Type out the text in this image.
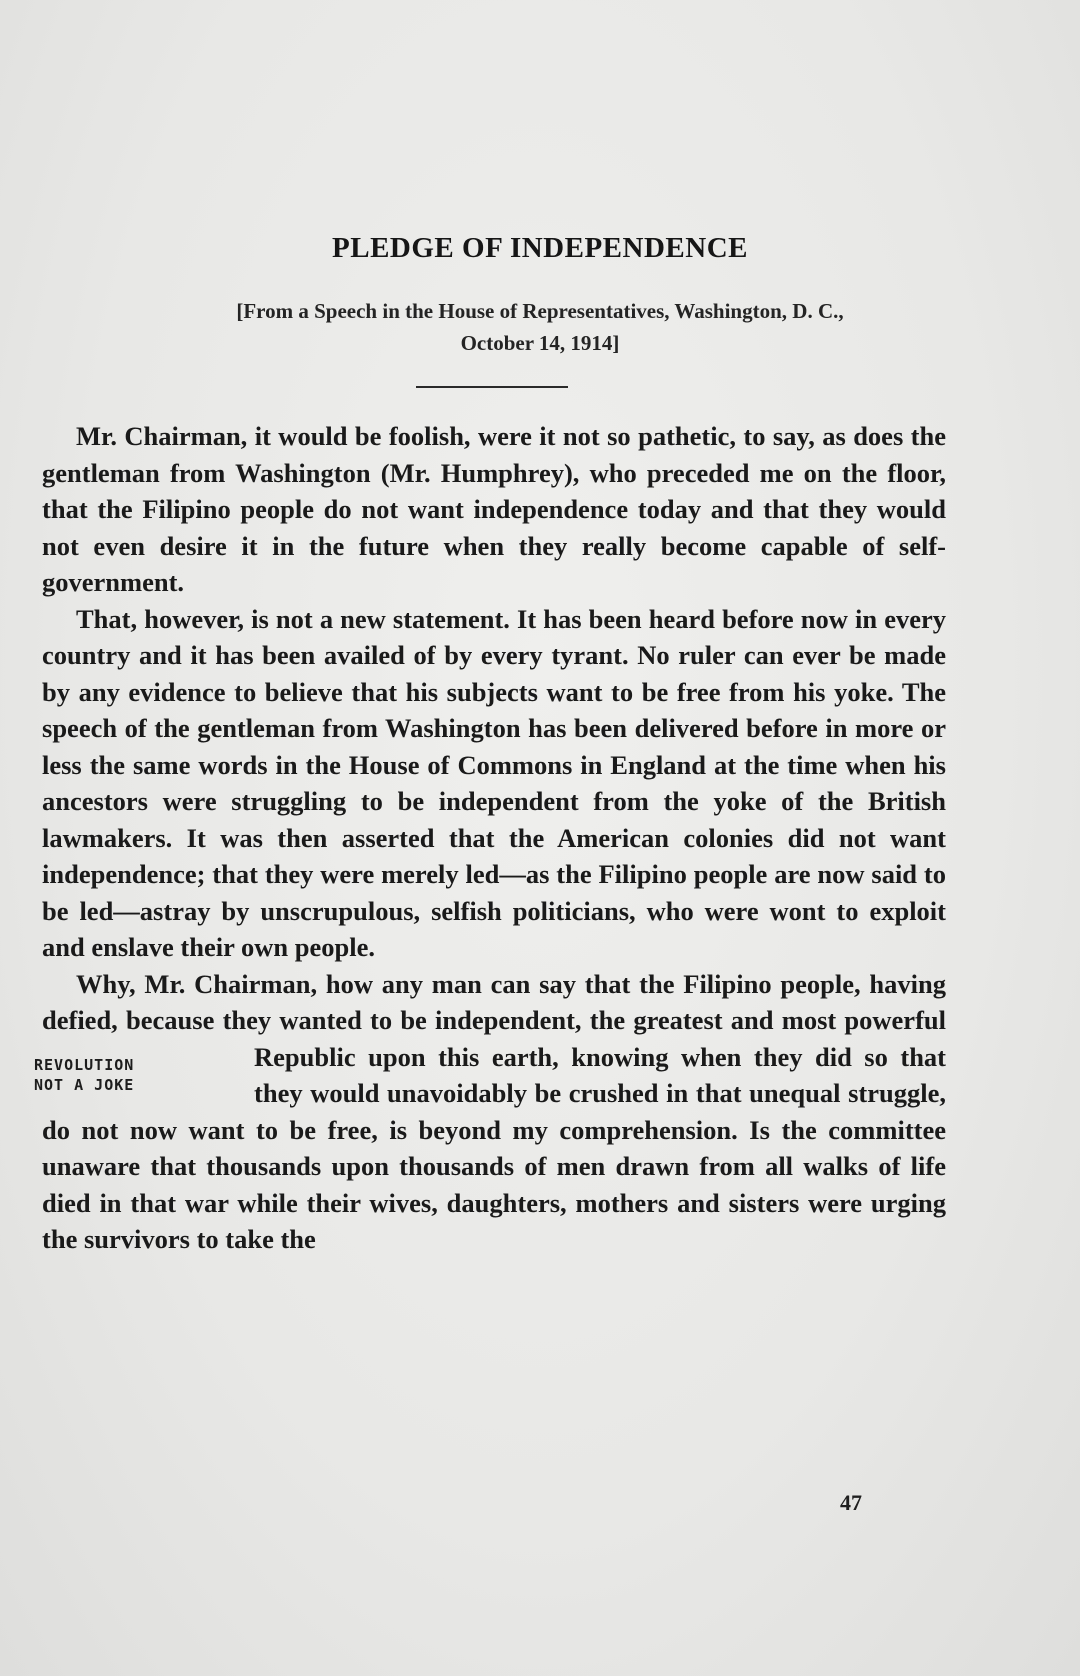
PLEDGE OF INDEPENDENCE
[From a Speech in the House of Representatives, Washington, D. C.,
October 14, 1914]

Mr. Chairman, it would be foolish, were it not so pathetic, to say, as does the gentleman from Washington (Mr. Humphrey), who preceded me on the floor, that the Filipino people do not want independence today and that they would not even desire it in the future when they really become capable of self-government.

That, however, is not a new statement. It has been heard before now in every country and it has been availed of by every tyrant. No ruler can ever be made by any evidence to believe that his subjects want to be free from his yoke. The speech of the gentleman from Washington has been delivered before in more or less the same words in the House of Commons in England at the time when his ancestors were struggling to be independent from the yoke of the British lawmakers. It was then asserted that the American colonies did not want independence; that they were merely led—as the Filipino people are now said to be led—astray by unscrupulous, selfish politicians, who were wont to exploit and enslave their own people.

Why, Mr. Chairman, how any man can say that the Filipino people, having defied, because they wanted to be independent, the greatest and most powerful Republic upon
REVOLUTION
NOT A JOKE
this earth, knowing when they did so that they would unavoidably be crushed in that unequal struggle, do not now want to be free, is beyond my comprehension. Is the committee unaware that thousands upon thousands of men drawn from all walks of life died in that war while their wives, daughters, mothers and sisters were urging the survivors to take the

47
